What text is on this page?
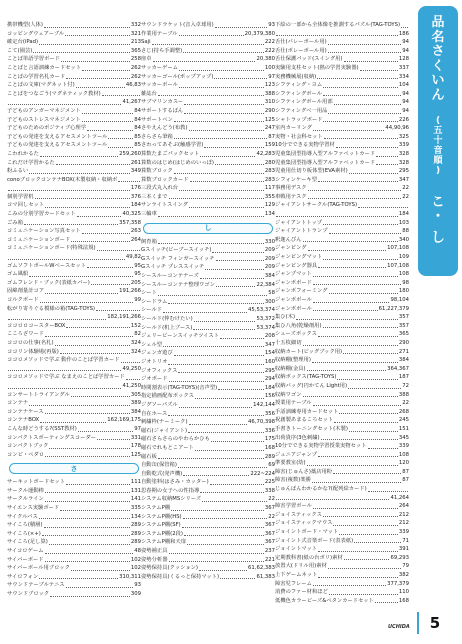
携帯機型(人体)	332
コッピングウェアーブル	321
確定台(iPad)	213
こて(園芸)	365
ことば単語学習ボード	258
ことばと言語訓練カードセット	262
ことばの学習名札カード	262
ことばの文庫(マグネット付)	46,83
ことばをつなごう(マグネティック教材)
41,267
子どものアンガーマネジメント	84
子どものストレスマネジメント	84
子どものためのポジティブ心理学	84
子どもの発達を支えるアセスメントツール	85
子どもの発達を支えるアセスメントツール	85
こわれかるた	259,260
これだけ学習かるた	261
粉ふるい	349
conoブロックコンテナBOX(木製収納・収納ボ
176
個別学習机	376
コマ回しセット	184
こみの分別学習カードセット	40,325
ごみ箱	357,358
コミュニケーション写真セット	263
コミュニケーションボード	264
コミュニケーションボード(特殊法規)
49,82
ゴムソフトボールWベースセット	95
ゴム風船	95
ゴムフレンド・ブック(表紙カバー)	205
固綿剤量計コア	191,266
コルクボード	99
転がり寄りぐる模様の箱(TAG-TOYS)
182,191,266
ココロロコースターBOX	152
こころざワード	82
ココロの仕事(名札)	324
ココリン体験場(再版)	324
ココロメソッドで学ぶ 動作のことば学習カード
49,250
ココロメソッドで学ぶ なまえのことば学習カード
41,250
コンサートトライアングル	305
コンテナ	389
コンテナケース	384
コンテナBOX	162,169,175
こんな時どうする?(SST教材)	97
コンパクトスポーティングスコーダー	331
コンパクトブック	178
コンビ・ペダロ	125
さ
サーキットボードセット	111
サークル運動棒	131
サークルライン	141
サイエンス実験ボード	335
サイクルバス	134
サイころ(積層)	289
サイころ(×+)	289
サイころ(足し算)	289
サイコロゲーム	48
サイバーボード	102
サイバーボール用ブロック	102
サイロフォン	310,311
サウンドテーブルテニス	93
サウンドブロック	309
サウンドラケット(音入卓球用)	93
作業用テーブル	20,379,380
Saji	222
さじ(持ち手調整)	222
座卓	20,380
サッカーゲーム	100
サッカーゴール(ポップアップ)	97
サッカーボール	123
雑誌台	388
サブマリンカスー	310
サポートするばん	290
サポートペン	125
さやえんどう(布教)	247
さらさら筆箱	87
さわってあそぶ(触感学習)	159
算数たまごパックセット	42,283
算数のはじめ(はじめのいっぽ)	280
算数ブロック	283
算数ブロックカード	283
三段式丸入れ台	117
三本くまで	355
サンライトスイング	129
三輪車	134
し
飼育箱	330
Gスイッチ(ビーブースイッチ)	209
Gスイッチ フィンガースイッチ	209
Gスイッチ プレススイッチ	209
シースルーコンテナーズ	384
シースルーコンテナ整理ワゴン	22,384
シート	58
シードラム	300
シールド	45,53,374
シールド(仲むけたい)	53,372
シールド(机上ブース)	53,374
ジェリービーンスイッチツイスト	208
シェル型	347
ジェンガ遊び	154
ジオトリオ	160
ジオフィックス	295
ジオボード	294
時間割表示(TAG-TOYS)(音声型)	184
指定描画配布ボックス	156
ジグソーパズル	142,144
自在ホース	356
刺繍枠(ナーミーク)	46,70,398
磁石(ジャイアント)	336
磁石さらさらのやわらかひも	175
磁石でれもとこアート	168
磁石板	289
自動缶(保管箱)	69
自動乾式(発声機)	222~224
自動塗料(はさみ・カッター)	225
思春期の女子への性指導	338
システム収納MSシリーズ	22
システムP棚	367
システムP棚(HS)	22
システムP棚(SF)	367
システムP棚(2段)	367
システムP棚和天扉	367
姿勢補正具	237
姿勢分析器	221
姿勢保持具(クッション)	61,62,383
姿勢保持具(くるっと保持マット)	61,383
下絵の一部から全体像を推測するパズル(TAG-TOYS)
186
舌仕(バレーボール用)	94
舌仕(ボレーボール用)	94
舌仕保護パッド(スイング用)	128
実験用支柱セット(熱の学習実験器)	337
実務機械展(収納)	334
シフティング・ヨム	104
シフティングボール	94
シフティングボール用部	94
シフティングベ一用品	94
シャトラップボード	226
室内カーリング	44,90,96
実物・社会科セット	325
10分でできる実物学習材	339
児童集団型指導入型アルファベットカード	328
児童集団型指導入型アルファベットカード	328
児童用仕切り板体型(EVA素材)	295
シフォンケーキ型	347
事務用デスク	22
車戦用テスク	22
ジャイアントサークル(TAG-TOYS)
184
ジャイアントトップ	103
ジャイアントトランプ	88
釈迦んぴん	340
ジャンピング	107,108
ジャンピングマット	109
ジャンピング器具	107,108
ジャンプマット	108
ジャンボボード	98
ジャンボフォーミング	180
ジャンボボール	98,104
ジャンボボール	61,227,379
集ひ(木)	357
集ひ八角(乾燥剤用)	357
シューズボックス	365
十五枚細切	290
収納カート(ビッグブック用)	271
収納棚(整理用)	384
収納棚(金具)	364,367
収納ボックス(TAG-TOYS)	187
収納バッグ(円かてん Light用)	72
収納ワゴン	388
授業用テーブル	22
手話訓練専用カードセット	268
祝創製あまるころセット	245
手書きトーニングセット(木製)	151
出荷貴序(3色刺繍)	345
10分でできる実物学習授業実物セット	339
ジュニアジャンプ	108
準要教室(幼)	120
障害(じゅんさ)藁店用粉	87
障害(複数)楽勝	87
じゅんばんわかるかな?(配列絵カード)
41,264
障害学習ボール	264
ジョイスティックス	212
ジョイスティックマウス	212
ジョイントボード・マット	339
ジョイント式音楽ボード(表表紙)	71
ジョイントマット	391
定期教科書(紙の台ボリ)素材	69,293
放置大(ドリル用)素材	79
上下ゲームネット	382
障害児フレーム	377,379
消費のファー材和ほど	110
低機色カラービーズ&ペタンカードセット	168
品
名
さ
く
い
ん
(
五
十
音
順
)
こ
・
し
UCHIDA	5
